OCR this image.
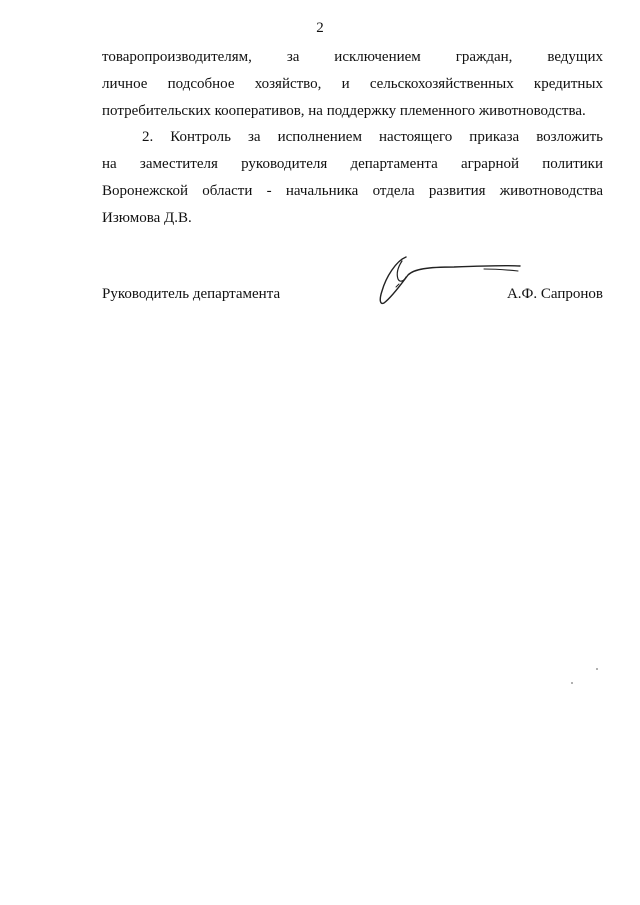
2
товаропроизводителям, за исключением граждан, ведущих
личное подсобное хозяйство, и сельскохозяйственных кредитных
потребительских кооперативов, на поддержку племенного животноводства.
2. Контроль за исполнением настоящего приказа возложить
на заместителя руководителя департамента аграрной политики
Воронежской области - начальника отдела развития животноводства
Изюмова Д.В.
Руководитель департамента	А.Ф. Сапронов
